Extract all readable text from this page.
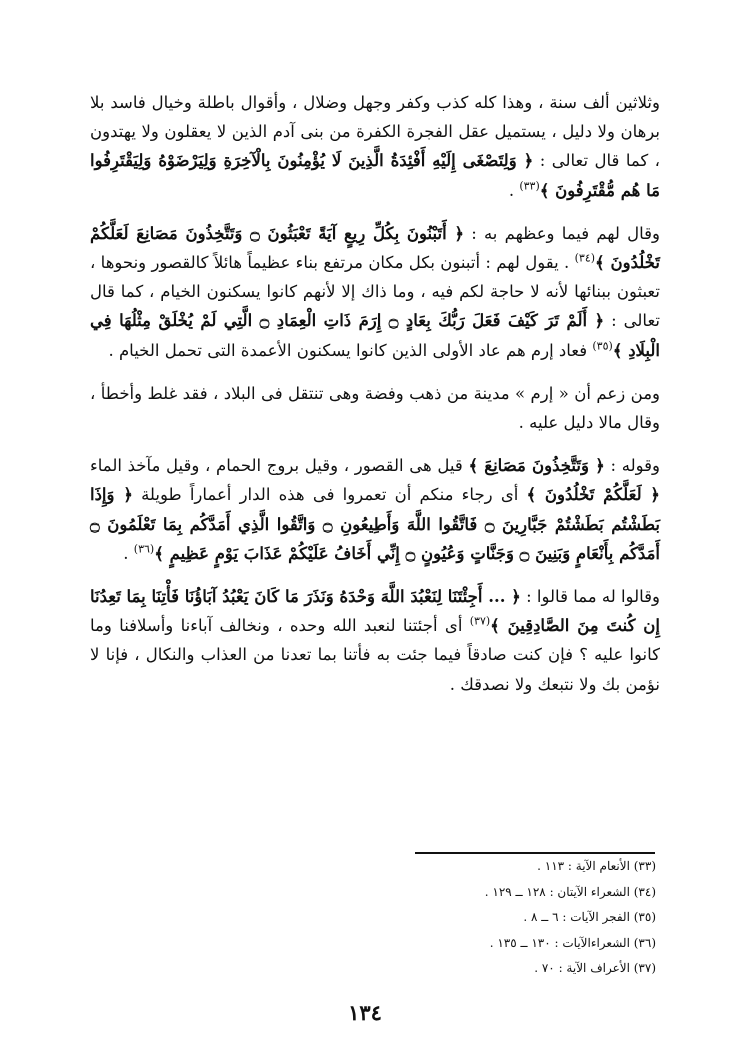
وثلاثين ألف سنة ، وهذا كله كذب وكفر وجهل وضلال ، وأقوال باطلة وخيال فاسد بلا برهان ولا دليل ، يستميل عقل الفجرة الكفرة من بنى آدم الذين لا يعقلون ولا يهتدون ، كما قال تعالى : ﴿ وَلِتَصْغَى إِلَيْهِ أَفْئِدَةُ الَّذِينَ لَا يُؤْمِنُونَ بِالْآخِرَةِ وَلِيَرْضَوْهُ وَلِيَقْتَرِفُوا مَا هُم مُّقْتَرِفُونَ ﴾$^{(٣٣)}$ .

وقال لهم فيما وعظهم به : ﴿ أَتَبْنُونَ بِكُلِّ رِيعٍ آيَةً تَعْبَثُونَ ۝ وَتَتَّخِذُونَ مَصَانِعَ لَعَلَّكُمْ تَخْلُدُونَ ﴾$^{(٣٤)}$ . يقول لهم : أتبنون بكل مكان مرتفع بناء عظيماً هائلاً كالقصور ونحوها ، تعبثون ببنائها لأنه لا حاجة لكم فيه ، وما ذاك إلا لأنهم كانوا يسكنون الخيام ، كما قال تعالى : ﴿ أَلَمْ تَرَ كَيْفَ فَعَلَ رَبُّكَ بِعَادٍ ۝ إِرَمَ ذَاتِ الْعِمَادِ ۝ الَّتِي لَمْ يُخْلَقْ مِثْلُهَا فِي الْبِلَادِ ﴾$^{(٣٥)}$ فعاد إرم هم عاد الأولى الذين كانوا يسكنون الأعمدة التى تحمل الخيام .

ومن زعم أن « إرم » مدينة من ذهب وفضة وهى تنتقل فى البلاد ، فقد غلط وأخطأ ، وقال مالا دليل عليه .

وقوله : ﴿ وَتَتَّخِذُونَ مَصَانِعَ ﴾ قيل هى القصور ، وقيل بروج الحمام ، وقيل مآخذ الماء ﴿ لَعَلَّكُمْ تَخْلُدُونَ ﴾ أى رجاء منكم أن تعمروا فى هذه الدار أعماراً طويلة ﴿ وَإِذَا بَطَشْتُم بَطَشْتُمْ جَبَّارِينَ ۝ فَاتَّقُوا اللَّهَ وَأَطِيعُونِ ۝ وَاتَّقُوا الَّذِي أَمَدَّكُم بِمَا تَعْلَمُونَ ۝ أَمَدَّكُم بِأَنْعَامٍ وَبَنِينَ ۝ وَجَنَّاتٍ وَعُيُونٍ ۝ إِنِّي أَخَافُ عَلَيْكُمْ عَذَابَ يَوْمٍ عَظِيمٍ ﴾$^{(٣٦)}$ .

وقالوا له مما قالوا : ﴿ ... أَجِئْتَنَا لِنَعْبُدَ اللَّهَ وَحْدَهُ وَنَذَرَ مَا كَانَ يَعْبُدُ آبَاؤُنَا فَأْتِنَا بِمَا تَعِدُنَا إِن كُنتَ مِنَ الصَّادِقِينَ ﴾$^{(٣٧)}$ أى أجئتنا لنعبد الله وحده ، ونخالف آباءنا وأسلافنا وما كانوا عليه ؟ فإن كنت صادقاً فيما جئت به فأتنا بما تعدنا من العذاب والنكال ، فإنا لا نؤمن بك ولا نتبعك ولا نصدقك .

(٣٣) الأنعام الآية : ١١٣ .
(٣٤) الشعراء الآيتان : ١٢٨ ــ ١٢٩ .
(٣٥) الفجر الآيات : ٦ ــ ٨ .
(٣٦) الشعراءالآيات : ١٣٠ ــ ١٣٥ .
(٣٧) الأعراف الآية : ٧٠ .
١٣٤
